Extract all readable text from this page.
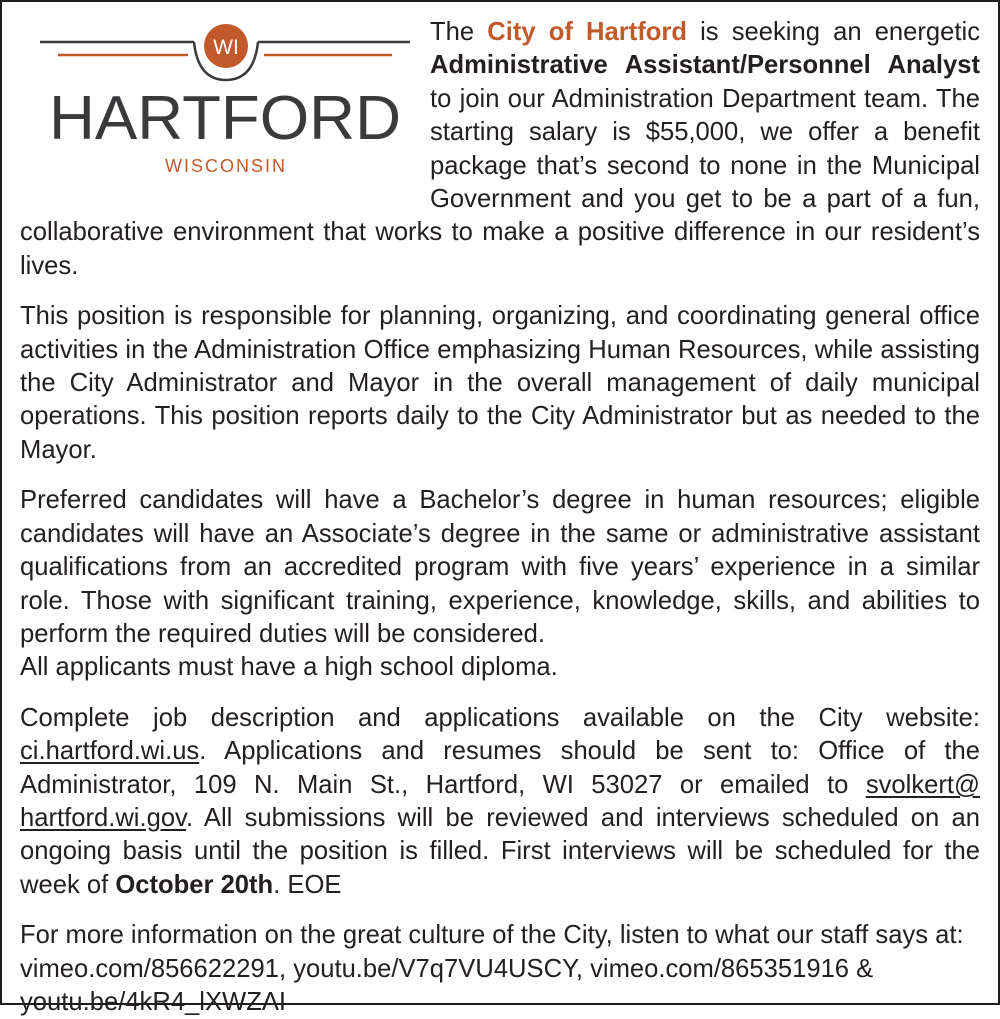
WI
HARTFORD
WISCONSIN

The City of Hartford is seeking an energetic Administrative Assistant/Personnel Analyst to join our Administration Department team. The starting salary is $55,000, we offer a benefit package that’s second to none in the Municipal Government and you get to be a part of a fun, collaborative environment that works to make a positive difference in our resident’s lives.

This position is responsible for planning, organizing, and coordinating general office activities in the Administration Office emphasizing Human Resources, while assisting the City Administrator and Mayor in the overall management of daily municipal operations. This position reports daily to the City Administrator but as needed to the Mayor.

Preferred candidates will have a Bachelor’s degree in human resources; eligible candidates will have an Associate’s degree in the same or administrative assistant qualifications from an accredited program with five years’ experience in a similar role. Those with significant training, experience, knowledge, skills, and abilities to perform the required duties will be considered.
All applicants must have a high school diploma.

Complete job description and applications available on the City website: ci.hartford.wi.us. Applications and resumes should be sent to: Office of the Administrator, 109 N. Main St., Hartford, WI 53027 or emailed to svolkert@ hartford.wi.gov. All submissions will be reviewed and interviews scheduled on an ongoing basis until the position is filled. First interviews will be scheduled for the week of October 20th. EOE

For more information on the great culture of the City, listen to what our staff says at: vimeo.com/856622291, youtu.be/V7q7VU4USCY, vimeo.com/865351916 & youtu.be/4kR4_lXWZAI
